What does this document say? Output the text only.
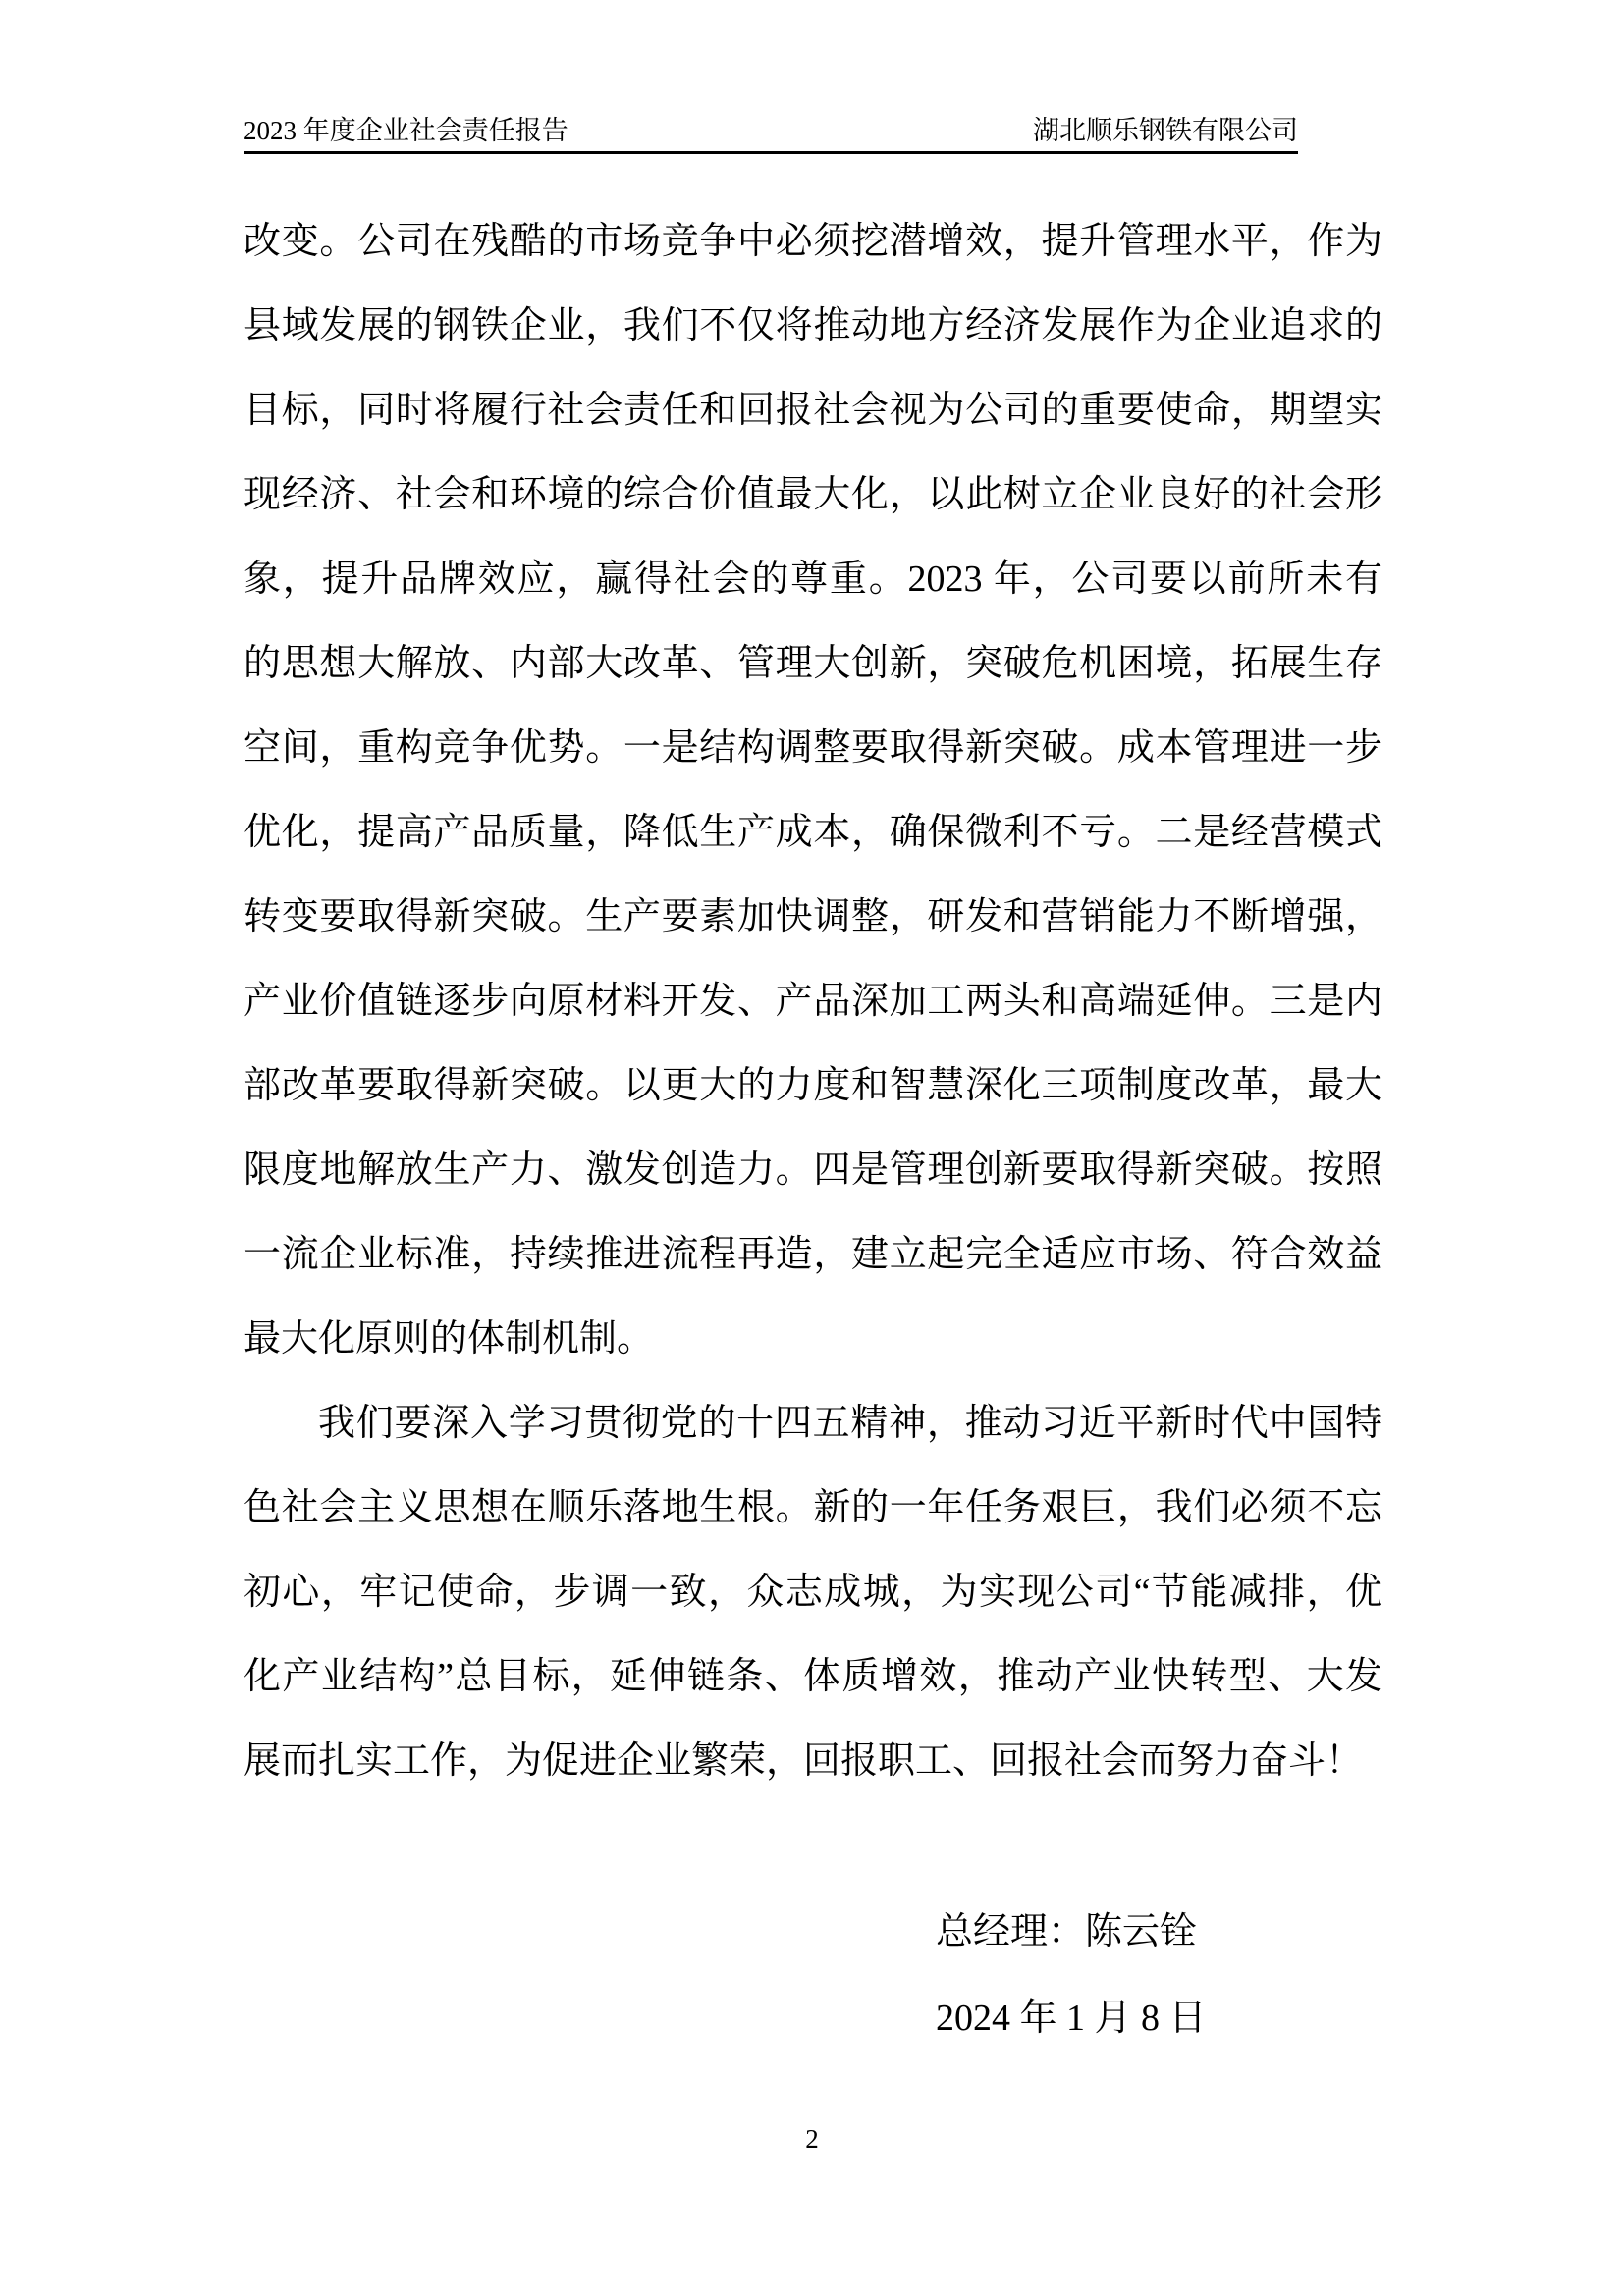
2023 年度企业社会责任报告	湖北顺乐钢铁有限公司
改变。公司在残酷的市场竞争中必须挖潜增效，提升管理水平，作为
县域发展的钢铁企业，我们不仅将推动地方经济发展作为企业追求的
目标，同时将履行社会责任和回报社会视为公司的重要使命，期望实
现经济、社会和环境的综合价值最大化，以此树立企业良好的社会形
象，提升品牌效应，赢得社会的尊重。2023 年，公司要以前所未有
的思想大解放、内部大改革、管理大创新，突破危机困境，拓展生存
空间，重构竞争优势。一是结构调整要取得新突破。成本管理进一步
优化，提高产品质量，降低生产成本，确保微利不亏。二是经营模式
转变要取得新突破。生产要素加快调整，研发和营销能力不断增强，
产业价值链逐步向原材料开发、产品深加工两头和高端延伸。三是内
部改革要取得新突破。以更大的力度和智慧深化三项制度改革，最大
限度地解放生产力、激发创造力。四是管理创新要取得新突破。按照
一流企业标准，持续推进流程再造，建立起完全适应市场、符合效益
最大化原则的体制机制。
我们要深入学习贯彻党的十四五精神，推动习近平新时代中国特
色社会主义思想在顺乐落地生根。新的一年任务艰巨，我们必须不忘
初心，牢记使命，步调一致，众志成城，为实现公司“节能减排，优
化产业结构”总目标，延伸链条、体质增效，推动产业快转型、大发
展而扎实工作，为促进企业繁荣，回报职工、回报社会而努力奋斗！
总经理：陈云铨
2024 年 1 月 8 日
2
